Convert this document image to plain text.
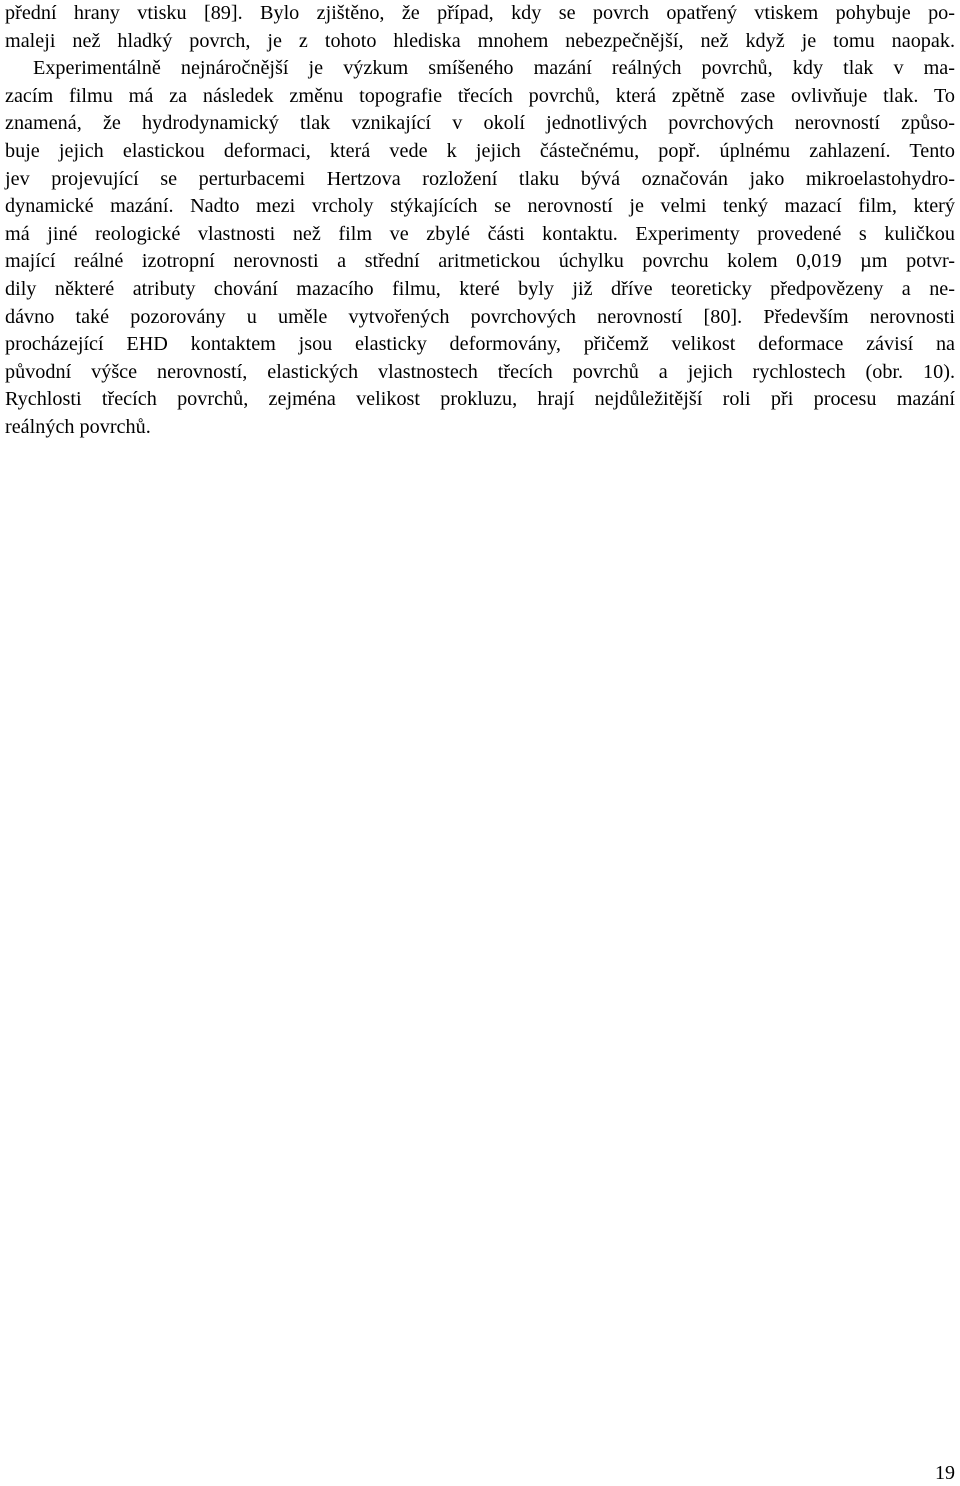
přední hrany vtisku [89]. Bylo zjištěno, že případ, kdy se povrch opatřený vtiskem pohybuje po-
maleji než hladký povrch, je z tohoto hlediska mnohem nebezpečnější, než když je tomu naopak.
Experimentálně nejnáročnější je výzkum smíšeného mazání reálných povrchů, kdy tlak v ma-
zacím filmu má za následek změnu topografie třecích povrchů, která zpětně zase ovlivňuje tlak. To
znamená, že hydrodynamický tlak vznikající v okolí jednotlivých povrchových nerovností způso-
buje jejich elastickou deformaci, která vede k jejich částečnému, popř. úplnému zahlazení. Tento
jev projevující se perturbacemi Hertzova rozložení tlaku bývá označován jako mikroelastohydro-
dynamické mazání. Nadto mezi vrcholy stýkajících se nerovností je velmi tenký mazací film, který
má jiné reologické vlastnosti než film ve zbylé části kontaktu. Experimenty provedené s kuličkou
mající reálné izotropní nerovnosti a střední aritmetickou úchylku povrchu kolem 0,019 µm potvr-
dily některé atributy chování mazacího filmu, které byly již dříve teoreticky předpovězeny a ne-
dávno také pozorovány u uměle vytvořených povrchových nerovností [80]. Především nerovnosti
procházející EHD kontaktem jsou elasticky deformovány, přičemž velikost deformace závisí na
původní výšce nerovností, elastických vlastnostech třecích povrchů a jejich rychlostech (obr. 10).
Rychlosti třecích povrchů, zejména velikost prokluzu, hrají nejdůležitější roli při procesu mazání
reálných povrchů.
19
